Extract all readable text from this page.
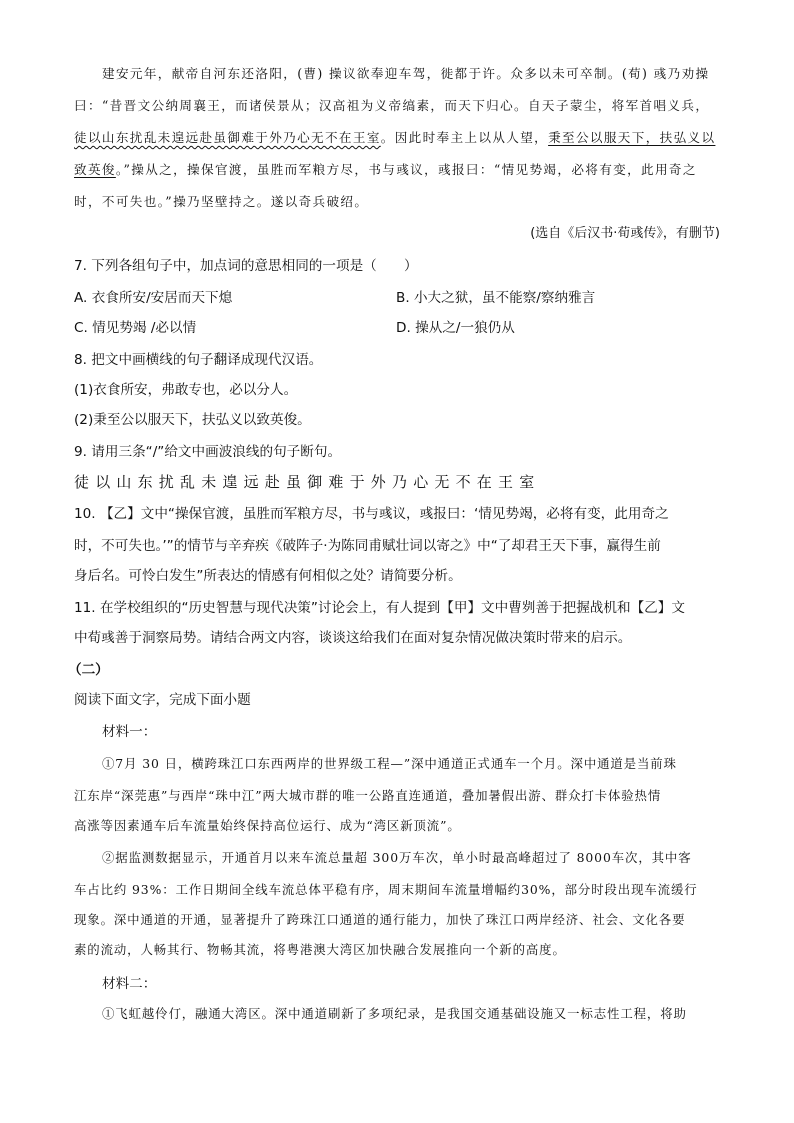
建安元年，献帝自河东还洛阳，(曹) 操议欲奉迎车驾，徙都于许。众多以未可卒制。(荀) 彧乃劝操
曰：“昔晋文公纳周襄王，而诸侯景从；汉高祖为义帝缟素，而天下归心。自天子蒙尘，将军首唱义兵，
徒以山东扰乱未遑远赴虽御难于外乃心无不在王室。因此时奉主上以从人望，秉至公以服天下，扶弘义以
致英俊。”操从之，操保官渡，虽胜而军粮方尽，书与彧议，彧报曰：“情见势竭，必将有变，此用奇之
时，不可失也。”操乃坚壁持之。遂以奇兵破绍。
(选自《后汉书·荀彧传》，有删节)
7. 下列各组句子中，加点词的意思相同的一项是（　　）
A. 衣食所安/安居而天下熄	B. 小大之狱，虽不能察/察纳雅言
C. 情见势竭 /必以情	D. 操从之/一狼仍从
8. 把文中画横线的句子翻译成现代汉语。
(1)衣食所安，弗敢专也，必以分人。
(2)秉至公以服天下，扶弘义以致英俊。
9. 请用三条“/”给文中画波浪线的句子断句。
徒以山东扰乱未遑远赴虽御难于外乃心无不在王室
10. 【乙】文中“操保官渡，虽胜而军粮方尽，书与彧议，彧报曰：‘情见势竭，必将有变，此用奇之
时，不可失也。’”的情节与辛弃疾《破阵子·为陈同甫赋壮词以寄之》中“了却君王天下事，赢得生前
身后名。可怜白发生”所表达的情感有何相似之处？请简要分析。
11. 在学校组织的“历史智慧与现代决策”讨论会上，有人提到【甲】文中曹刿善于把握战机和【乙】文
中荀彧善于洞察局势。请结合两文内容，谈谈这给我们在面对复杂情况做决策时带来的启示。
（二）
阅读下面文字，完成下面小题
材料一：
①7月 30 日，横跨珠江口东西两岸的世界级工程—”深中通道正式通车一个月。深中通道是当前珠
江东岸“深莞惠”与西岸“珠中江”两大城市群的唯一公路直连通道，叠加暑假出游、群众打卡体验热情
高涨等因素通车后车流量始终保持高位运行、成为“湾区新顶流”。
②据监测数据显示，开通首月以来车流总量超 300万车次，单小时最高峰超过了 8000车次，其中客
车占比约 93%：工作日期间全线车流总体平稳有序，周末期间车流量增幅约30%，部分时段出现车流缓行
现象。深中通道的开通，显著提升了跨珠江口通道的通行能力，加快了珠江口两岸经济、社会、文化各要
素的流动，人畅其行、物畅其流，将粤港澳大湾区加快融合发展推向一个新的高度。
材料二：
①飞虹越伶仃，融通大湾区。深中通道刷新了多项纪录，是我国交通基础设施又一标志性工程，将助
